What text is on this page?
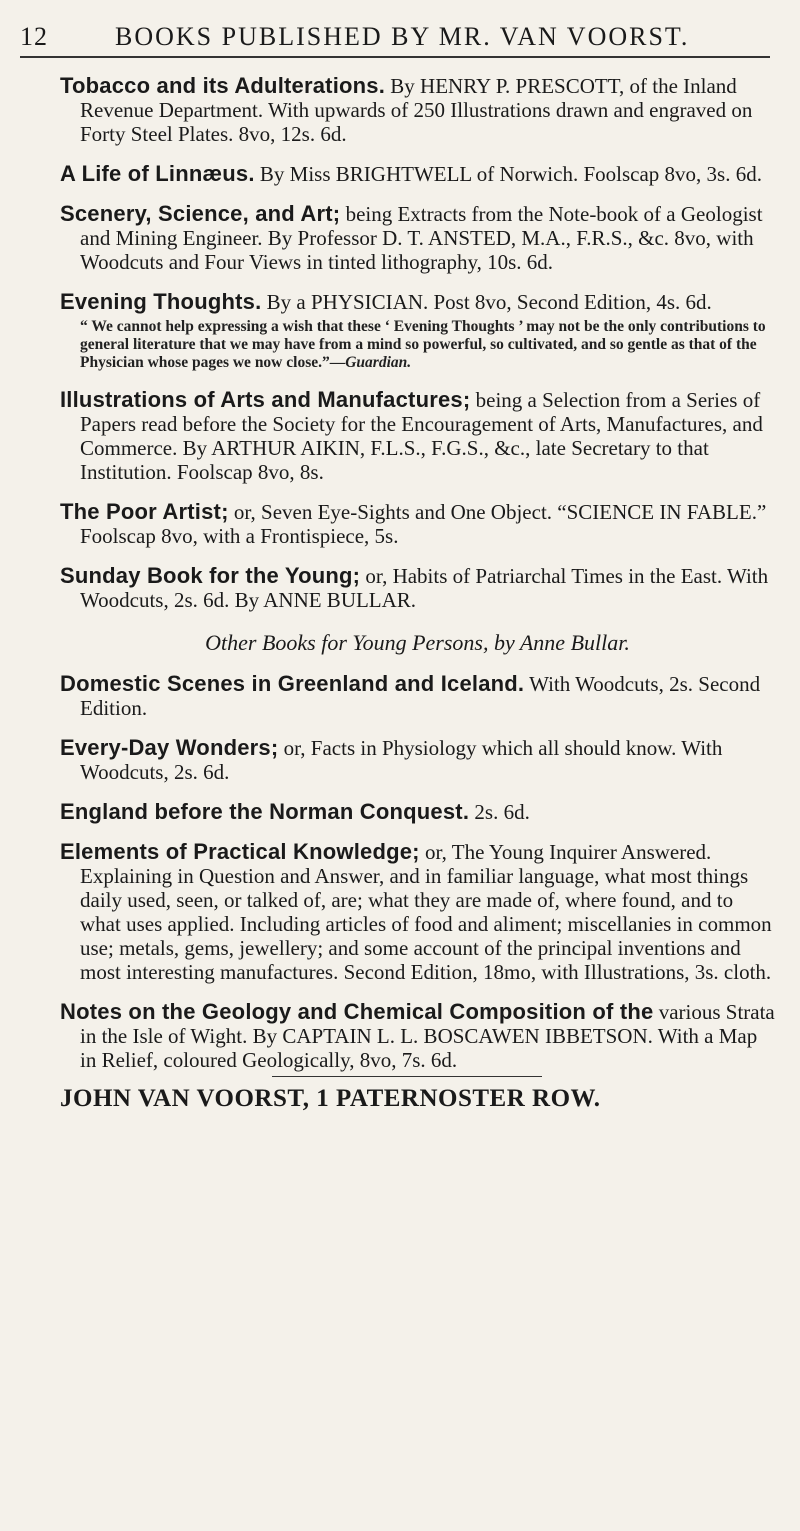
12	BOOKS PUBLISHED BY MR. VAN VOORST.

Tobacco and its Adulterations. By HENRY P. PRESCOTT, of the Inland Revenue Department. With upwards of 250 Illustrations drawn and engraved on Forty Steel Plates. 8vo, 12s. 6d.

A Life of Linnæus. By Miss BRIGHTWELL of Norwich. Foolscap 8vo, 3s. 6d.

Scenery, Science, and Art; being Extracts from the Note-book of a Geologist and Mining Engineer. By Professor D. T. ANSTED, M.A., F.R.S., &c. 8vo, with Woodcuts and Four Views in tinted lithography, 10s. 6d.

Evening Thoughts. By a PHYSICIAN. Post 8vo, Second Edition, 4s. 6d.

“ We cannot help expressing a wish that these ‘ Evening Thoughts ’ may not be the only contributions to general literature that we may have from a mind so powerful, so cultivated, and so gentle as that of the Physician whose pages we now close.”—Guardian.

Illustrations of Arts and Manufactures; being a Selection from a Series of Papers read before the Society for the Encouragement of Arts, Manufactures, and Commerce. By ARTHUR AIKIN, F.L.S., F.G.S., &c., late Secretary to that Institution. Foolscap 8vo, 8s.

The Poor Artist; or, Seven Eye-Sights and One Object. “SCIENCE IN FABLE.” Foolscap 8vo, with a Frontispiece, 5s.

Sunday Book for the Young; or, Habits of Patriarchal Times in the East. With Woodcuts, 2s. 6d. By ANNE BULLAR.

Other Books for Young Persons, by Anne Bullar.

Domestic Scenes in Greenland and Iceland. With Woodcuts, 2s. Second Edition.

Every-Day Wonders; or, Facts in Physiology which all should know. With Woodcuts, 2s. 6d.

England before the Norman Conquest. 2s. 6d.

Elements of Practical Knowledge; or, The Young Inquirer Answered. Explaining in Question and Answer, and in familiar language, what most things daily used, seen, or talked of, are; what they are made of, where found, and to what uses applied. Including articles of food and aliment; miscellanies in common use; metals, gems, jewellery; and some account of the principal inventions and most interesting manufactures. Second Edition, 18mo, with Illustrations, 3s. cloth.

Notes on the Geology and Chemical Composition of the various Strata in the Isle of Wight. By CAPTAIN L. L. BOSCAWEN IBBETSON. With a Map in Relief, coloured Geologically, 8vo, 7s. 6d.

JOHN VAN VOORST, 1 PATERNOSTER ROW.
